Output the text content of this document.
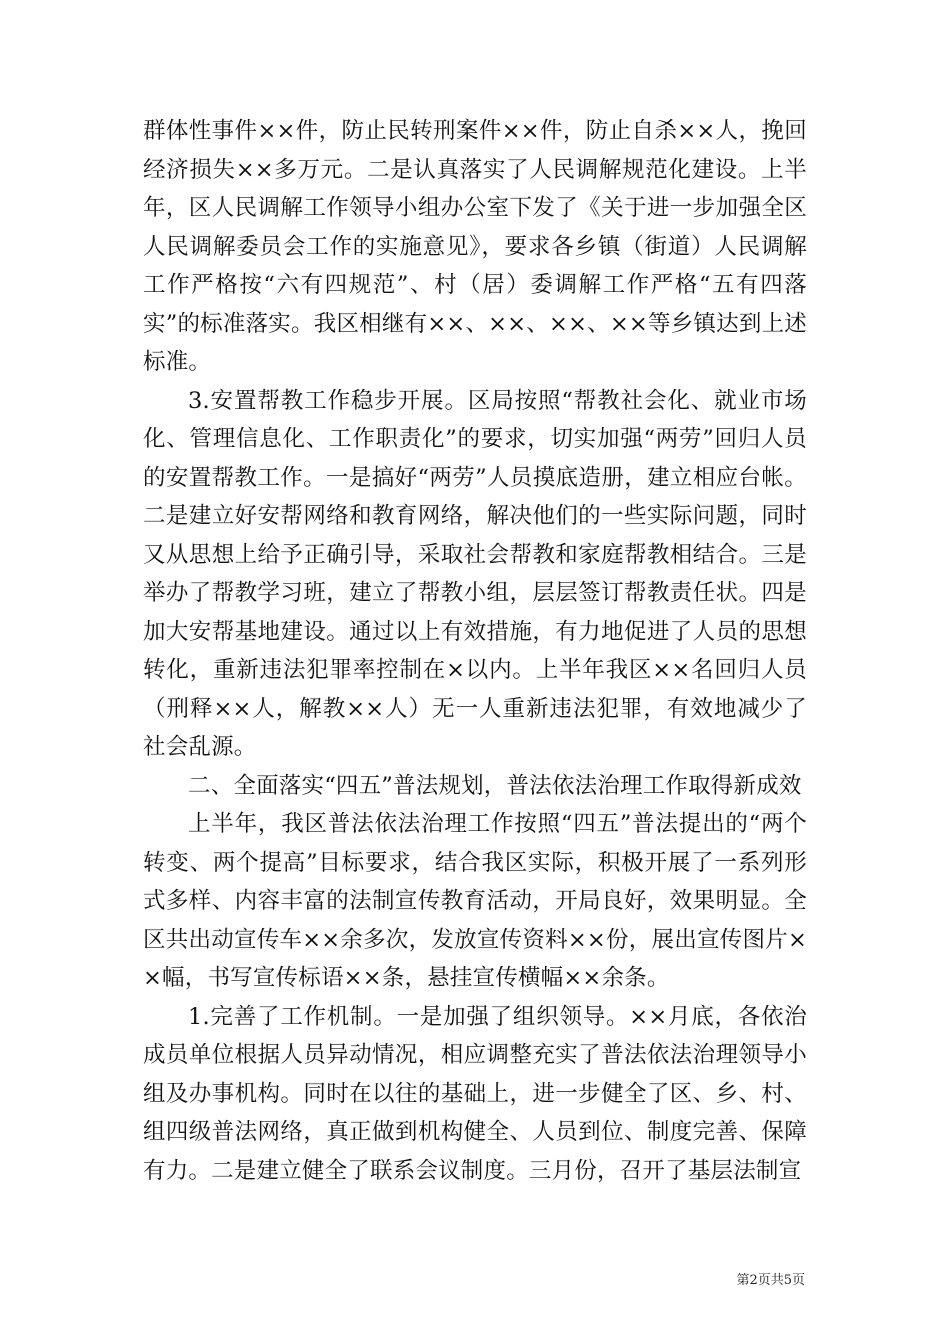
群体性事件××件，防止民转刑案件××件，防止自杀××人，挽回经济损失××多万元。二是认真落实了人民调解规范化建设。上半年，区人民调解工作领导小组办公室下发了《关于进一步加强全区人民调解委员会工作的实施意见》，要求各乡镇（街道）人民调解工作严格按“六有四规范”、村（居）委调解工作严格“五有四落实”的标准落实。我区相继有××、××、××、××等乡镇达到上述标准。

3.安置帮教工作稳步开展。区局按照“帮教社会化、就业市场化、管理信息化、工作职责化”的要求，切实加强“两劳”回归人员的安置帮教工作。一是搞好“两劳”人员摸底造册，建立相应台帐。二是建立好安帮网络和教育网络，解决他们的一些实际问题，同时又从思想上给予正确引导，采取社会帮教和家庭帮教相结合。三是举办了帮教学习班，建立了帮教小组，层层签订帮教责任状。四是加大安帮基地建设。通过以上有效措施，有力地促进了人员的思想转化，重新违法犯罪率控制在×以内。上半年我区××名回归人员（刑释××人，解教××人）无一人重新违法犯罪，有效地减少了社会乱源。

二、全面落实“四五”普法规划，普法依法治理工作取得新成效

上半年，我区普法依法治理工作按照“四五”普法提出的“两个转变、两个提高”目标要求，结合我区实际，积极开展了一系列形式多样、内容丰富的法制宣传教育活动，开局良好，效果明显。全区共出动宣传车××余多次，发放宣传资料××份，展出宣传图片××幅，书写宣传标语××条，悬挂宣传横幅××余条。

1.完善了工作机制。一是加强了组织领导。××月底，各依治成员单位根据人员异动情况，相应调整充实了普法依法治理领导小组及办事机构。同时在以往的基础上，进一步健全了区、乡、村、组四级普法网络，真正做到机构健全、人员到位、制度完善、保障有力。二是建立健全了联系会议制度。三月份，召开了基层法制宣

第2页共5页
